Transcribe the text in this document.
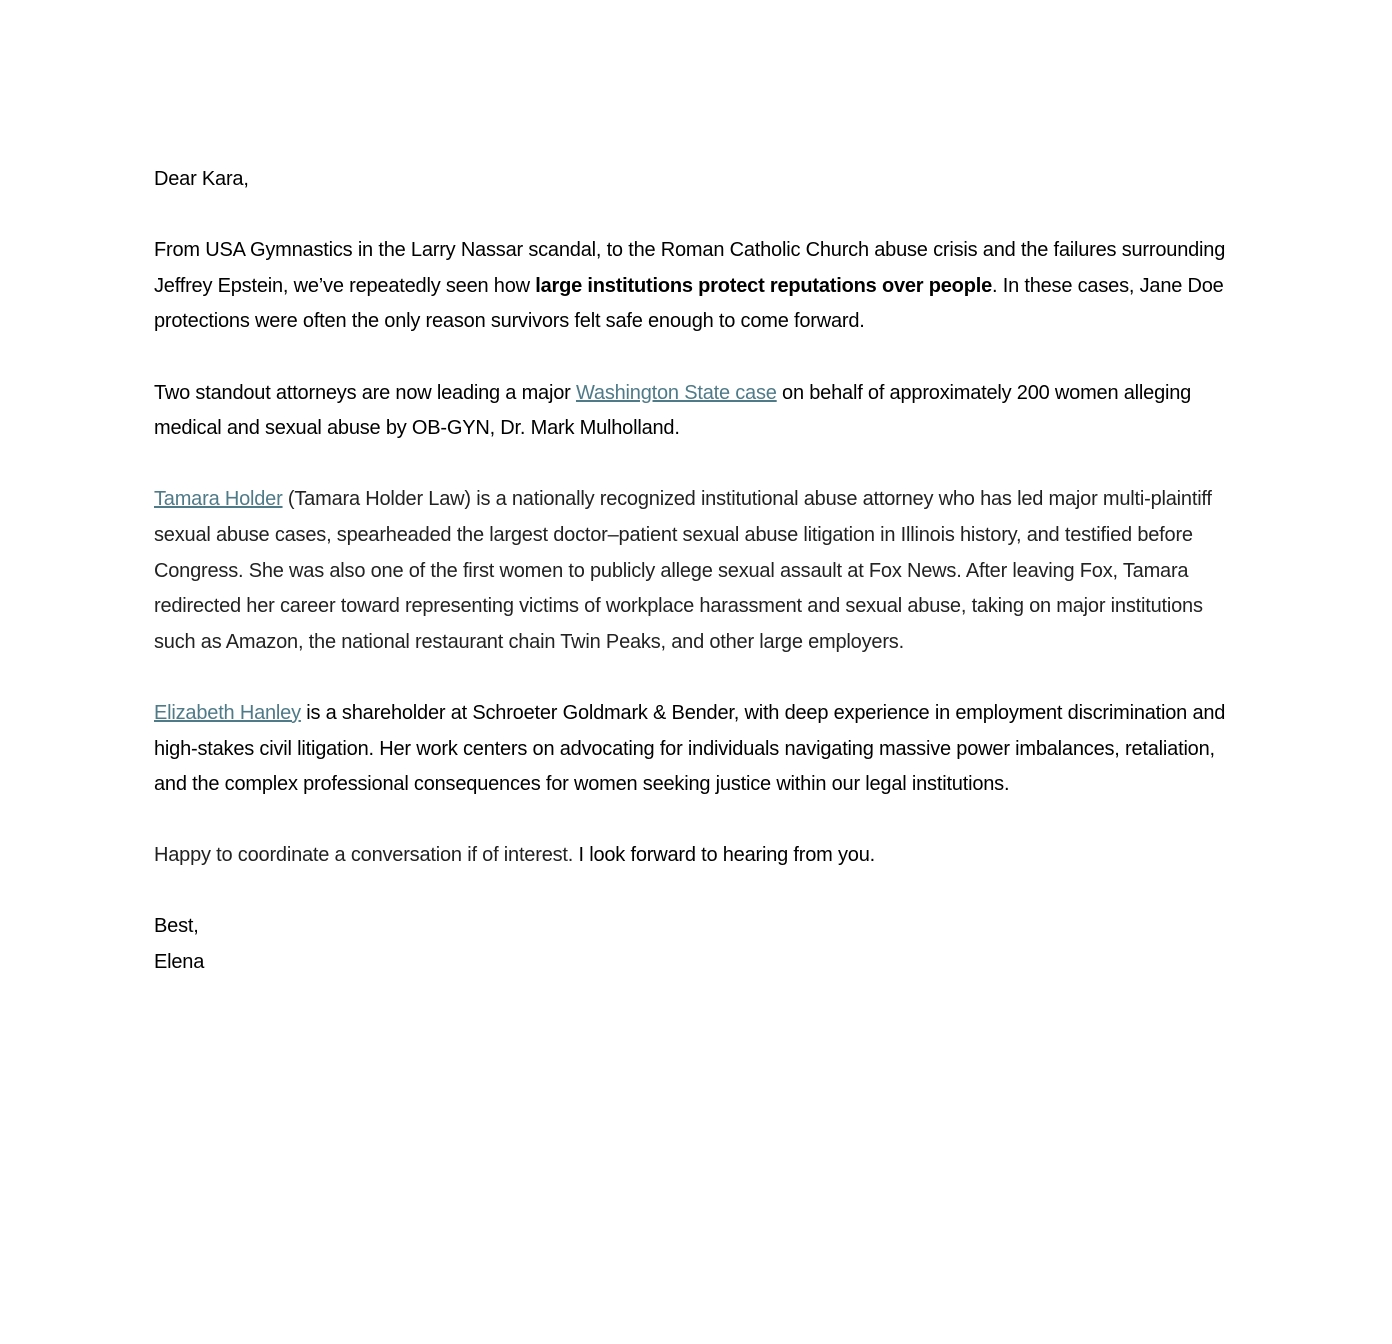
Dear Kara,

From USA Gymnastics in the Larry Nassar scandal, to the Roman Catholic Church abuse crisis and the failures surrounding Jeffrey Epstein, we’ve repeatedly seen how large institutions protect reputations over people. In these cases, Jane Doe protections were often the only reason survivors felt safe enough to come forward.

Two standout attorneys are now leading a major Washington State case on behalf of approximately 200 women alleging medical and sexual abuse by OB-GYN, Dr. Mark Mulholland.

Tamara Holder (Tamara Holder Law) is a nationally recognized institutional abuse attorney who has led major multi-plaintiff sexual abuse cases, spearheaded the largest doctor–patient sexual abuse litigation in Illinois history, and testified before Congress. She was also one of the first women to publicly allege sexual assault at Fox News. After leaving Fox, Tamara redirected her career toward representing victims of workplace harassment and sexual abuse, taking on major institutions such as Amazon, the national restaurant chain Twin Peaks, and other large employers.

Elizabeth Hanley is a shareholder at Schroeter Goldmark & Bender, with deep experience in employment discrimination and high-stakes civil litigation. Her work centers on advocating for individuals navigating massive power imbalances, retaliation, and the complex professional consequences for women seeking justice within our legal institutions.

Happy to coordinate a conversation if of interest. I look forward to hearing from you.

Best,

Elena
